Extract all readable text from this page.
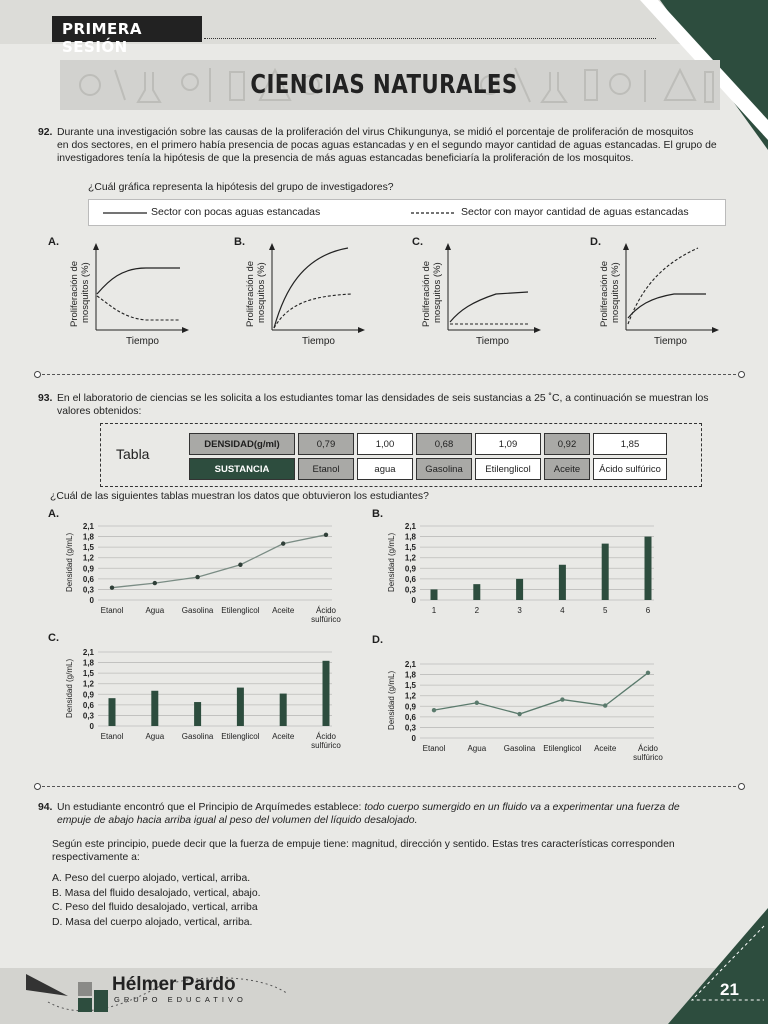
PRIMERA SESIÓN
CIENCIAS NATURALES
92. Durante una investigación sobre las causas de la proliferación del virus Chikungunya, se midió el porcentaje de proliferación de mosquitos
en dos sectores, en el primero había presencia de pocas aguas estancadas y en el segundo mayor cantidad de aguas estancadas. El grupo de
investigadores tenía la hipótesis de que la presencia de más aguas estancadas beneficiaría la proliferación de los mosquitos.
¿Cuál gráfica representa la hipótesis del grupo de investigadores?
Sector con pocas aguas estancadas	Sector con mayor cantidad de aguas estancadas
A.	B.	C.	D.
Proliferación de mosquitos (%)
Tiempo
Proliferación de mosquitos (%)
Tiempo
Proliferación de mosquitos (%)
Tiempo
Proliferación de mosquitos (%)
Tiempo
93. En el laboratorio de ciencias se les solicita a los estudiantes tomar las densidades de seis sustancias a 25 ˚C, a continuación se muestran los
valores obtenidos:
Tabla
DENSIDAD(g/ml)	0,79	1,00	0,68	1,09	0,92	1,85
SUSTANCIA	Etanol	agua	Gasolina	Etilenglicol	Aceite	Ácido sulfúrico
¿Cuál de las siguientes tablas muestran los datos que obtuvieron los estudiantes?
A.	B.
C.	D.
Densidad (g/mL)
0
0,3
0,6
0,9
1,2
1,5
1,8
2,1
Etanol	Agua Gasolina Etilenglicol Aceite	Ácido
sulfúrico
Densidad (g/mL)
0
0,3
0,6
0,9
1,2
1,5
1,8
2,1
1	2	3	4	5	6
Densidad (g/mL)
0
0,3
0,6
0,9
1,2
1,5
1,8
2,1
Etanol	Agua Gasolina Etilenglicol Aceite	Ácido
sulfúrico
Densidad (g/mL)
0
0,3
0,6
0,9
1,2
1,5
1,8
2,1
Etanol	Agua Gasolina Etilenglicol Aceite	Ácido
sulfúrico
94. Un estudiante encontró que el Principio de Arquímedes establece: todo cuerpo sumergido en un fluido va a experimentar una fuerza de
empuje de abajo hacia arriba igual al peso del volumen del líquido desalojado.
Según este principio, puede decir que la fuerza de empuje tiene: magnitud, dirección y sentido. Estas tres características corresponden
respectivamente a:
A. Peso del cuerpo alojado, vertical, arriba.
B. Masa del fluido desalojado, vertical, abajo.
C. Peso del fluido desalojado, vertical, arriba
D. Masa del cuerpo alojado, vertical, arriba.
Hélmer Pardo
GRUPO EDUCATIVO
21
